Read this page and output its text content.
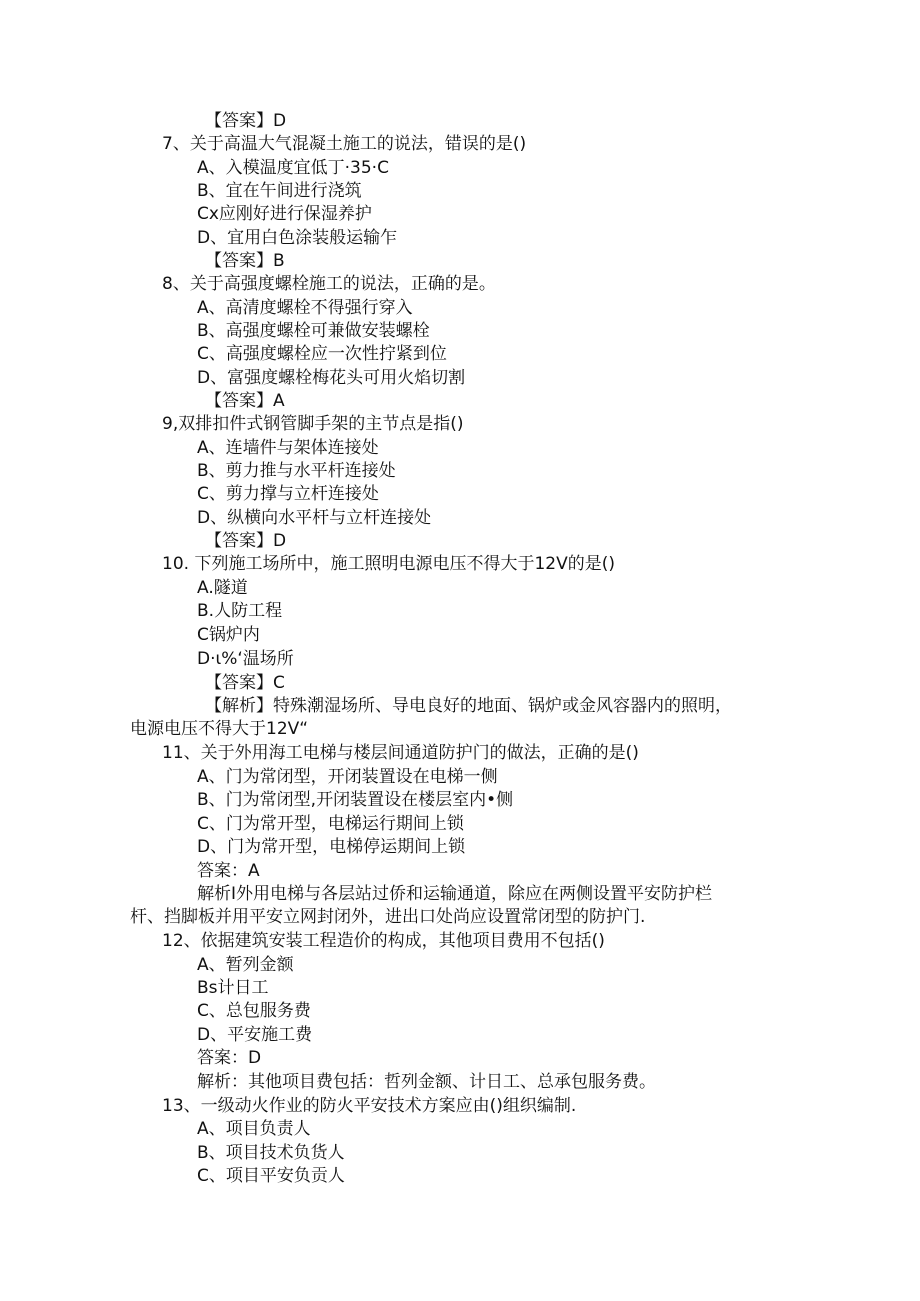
【答案】D
7、关于高温大气混凝土施工的说法，错误的是()
A、入模温度宜低丁·35·C
B、宜在午间进行浇筑
Cx应刚好进行保湿养护
D、宜用白色涂装般运输乍
【答案】B
8、关于高强度螺栓施工的说法，正确的是。
A、高清度螺栓不得强行穿入
B、高强度螺栓可兼做安装螺栓
C、高强度螺栓应一次性拧紧到位
D、富强度螺栓梅花头可用火焰切割
【答案】A
9,双排扣件式钢管脚手架的主节点是指()
A、连墙件与架体连接处
B、剪力推与水平杆连接处
C、剪力撑与立杆连接处
D、纵横向水平杆与立杆连接处
【答案】D
10. 下列施工场所中，施工照明电源电压不得大于12V的是()
A.隧道
B.人防工程
C锅炉内
D·ι%‘温场所
【答案】C
【解析】特殊潮湿场所、导电良好的地面、锅炉或金风容器内的照明，
电源电压不得大于12V“
11、关于外用海工电梯与楼层间通道防护门的做法，正确的是()
A、门为常闭型，开闭装置设在电梯一侧
B、门为常闭型,开闭装置设在楼层室内•侧
C、门为常开型，电梯运行期间上锁
D、门为常开型，电梯停运期间上锁
答案：A
解析I外用电梯与各层站过侨和运输通道，除应在两侧设置平安防护栏
杆、挡脚板并用平安立网封闭外，进出口处尚应设置常闭型的防护门.
12、依据建筑安装工程造价的构成，其他项目费用不包括()
A、暂列金额
Bs计日工
C、总包服务费
D、平安施工费
答案：D
解析：其他项目费包括：哲列金额、计日工、总承包服务费。
13、一级动火作业的防火平安技术方案应由()组织编制.
A、项目负责人
B、项目技术负货人
C、项目平安负贡人
